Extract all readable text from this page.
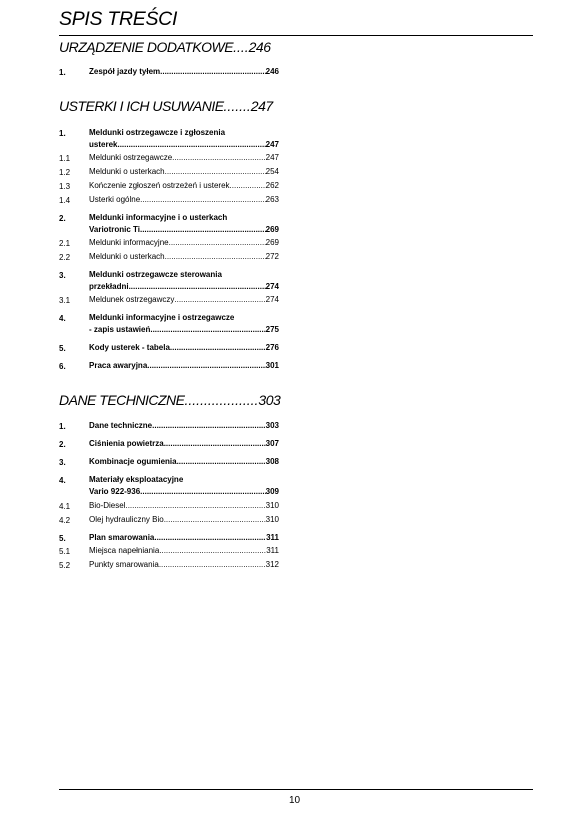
SPIS TREŚCI
URZĄDZENIE DODATKOWE....246
1.	Zespół jazdy tyłem .....	246
USTERKI I ICH USUWANIE.......247
1.	Meldunki ostrzegawcze i zgłoszenia
usterek .....	247
1.1 Meldunki ostrzegawcze .....	247
1.2 Meldunki o usterkach .....	254
1.3 Kończenie zgłoszeń ostrzeżeń i usterek .....	262
1.4 Usterki ogólne .....	263
2.	Meldunki informacyjne i o usterkach
Variotronic Ti .....	269
2.1 Meldunki informacyjne .....	269
2.2 Meldunki o usterkach .....	272
3.	Meldunki ostrzegawcze sterowania
przekładni .....	274
3.1 Meldunek ostrzegawczy .....	274
4.	Meldunki informacyjne i ostrzegawcze
- zapis ustawień .....	275
5.	Kody usterek - tabela .....	276
6.	Praca awaryjna .....	301
DANE TECHNICZNE...................303
1.	Dane techniczne .....	303
2.	Ciśnienia powietrza .....	307
3.	Kombinacje ogumienia .....	308
4.	Materiały eksploatacyjne
Vario 922-936 .....	309
4.1 Bio-Diesel .....	310
4.2 Olej hydrauliczny Bio .....	310
5.	Plan smarowania .....	311
5.1 Miejsca napełniania .....	311
5.2 Punkty smarowania .....	312
10
